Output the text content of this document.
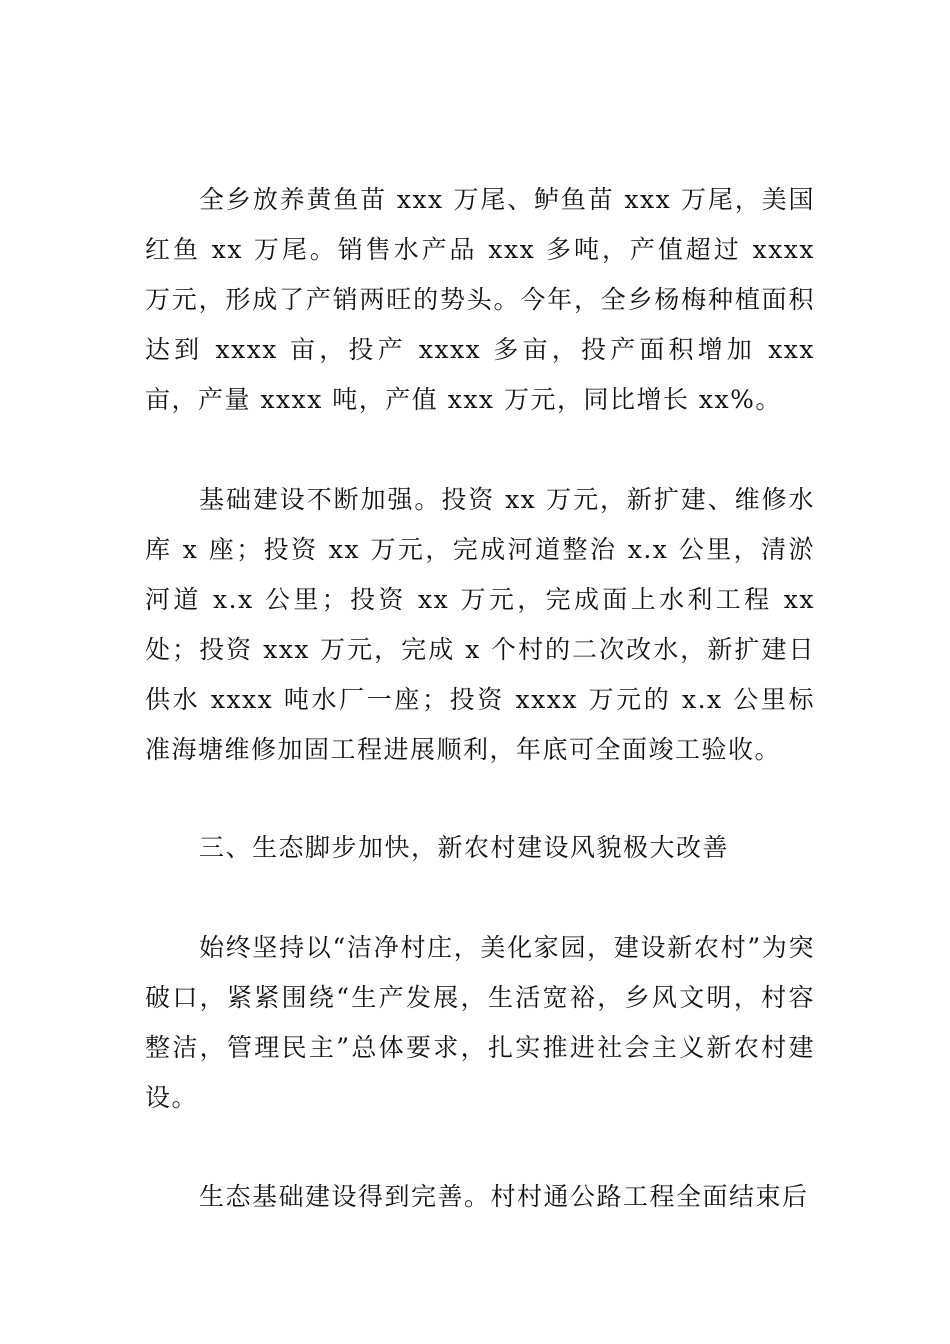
全乡放养黄鱼苗 xxx 万尾、鲈鱼苗 xxx 万尾，美国红鱼 xx 万尾。销售水产品 xxx 多吨，产值超过 xxxx 万元，形成了产销两旺的势头。今年，全乡杨梅种植面积达到 xxxx 亩，投产 xxxx 多亩，投产面积增加 xxx 亩，产量 xxxx 吨，产值 xxx 万元，同比增长 xx%。

基础建设不断加强。投资 xx 万元，新扩建、维修水库 x 座；投资 xx 万元，完成河道整治 x.x 公里，清淤河道 x.x 公里；投资 xx 万元，完成面上水利工程 xx 处；投资 xxx 万元，完成 x 个村的二次改水，新扩建日供水 xxxx 吨水厂一座；投资 xxxx 万元的 x.x 公里标准海塘维修加固工程进展顺利，年底可全面竣工验收。

三、生态脚步加快，新农村建设风貌极大改善

始终坚持以“洁净村庄，美化家园，建设新农村”为突破口，紧紧围绕“生产发展，生活宽裕，乡风文明，村容整洁，管理民主”总体要求，扎实推进社会主义新农村建设。

生态基础建设得到完善。村村通公路工程全面结束后
